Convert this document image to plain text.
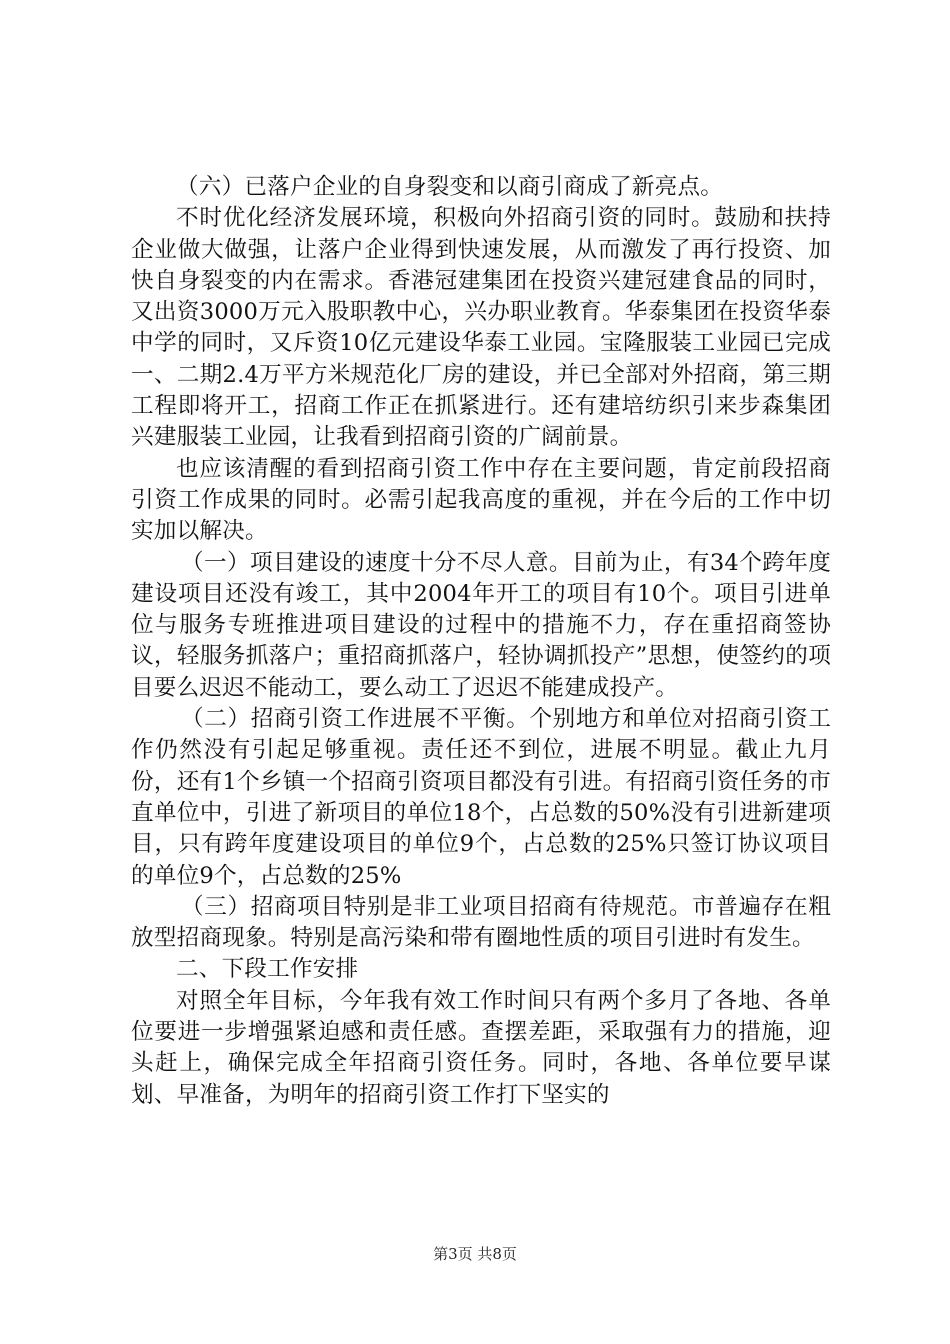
（六）已落户企业的自身裂变和以商引商成了新亮点。

不时优化经济发展环境，积极向外招商引资的同时。鼓励和扶持企业做大做强，让落户企业得到快速发展，从而激发了再行投资、加快自身裂变的内在需求。香港冠建集团在投资兴建冠建食品的同时，又出资3000万元入股职教中心，兴办职业教育。华泰集团在投资华泰中学的同时，又斥资10亿元建设华泰工业园。宝隆服装工业园已完成一、二期2.4万平方米规范化厂房的建设，并已全部对外招商，第三期工程即将开工，招商工作正在抓紧进行。还有建培纺织引来步森集团兴建服装工业园，让我看到招商引资的广阔前景。

也应该清醒的看到招商引资工作中存在主要问题，肯定前段招商引资工作成果的同时。必需引起我高度的重视，并在今后的工作中切实加以解决。

（一）项目建设的速度十分不尽人意。目前为止，有34个跨年度建设项目还没有竣工，其中2004年开工的项目有10个。项目引进单位与服务专班推进项目建设的过程中的措施不力，存在重招商签协议，轻服务抓落户；重招商抓落户，轻协调抓投产”思想，使签约的项目要么迟迟不能动工，要么动工了迟迟不能建成投产。

（二）招商引资工作进展不平衡。个别地方和单位对招商引资工作仍然没有引起足够重视。责任还不到位，进展不明显。截止九月份，还有1个乡镇一个招商引资项目都没有引进。有招商引资任务的市直单位中，引进了新项目的单位18个，占总数的50%没有引进新建项目，只有跨年度建设项目的单位9个，占总数的25%只签订协议项目的单位9个，占总数的25%

（三）招商项目特别是非工业项目招商有待规范。市普遍存在粗放型招商现象。特别是高污染和带有圈地性质的项目引进时有发生。

二、下段工作安排

对照全年目标，今年我有效工作时间只有两个多月了各地、各单位要进一步增强紧迫感和责任感。查摆差距，采取强有力的措施，迎头赶上，确保完成全年招商引资任务。同时，各地、各单位要早谋划、早准备，为明年的招商引资工作打下坚实的

第3页 共8页
